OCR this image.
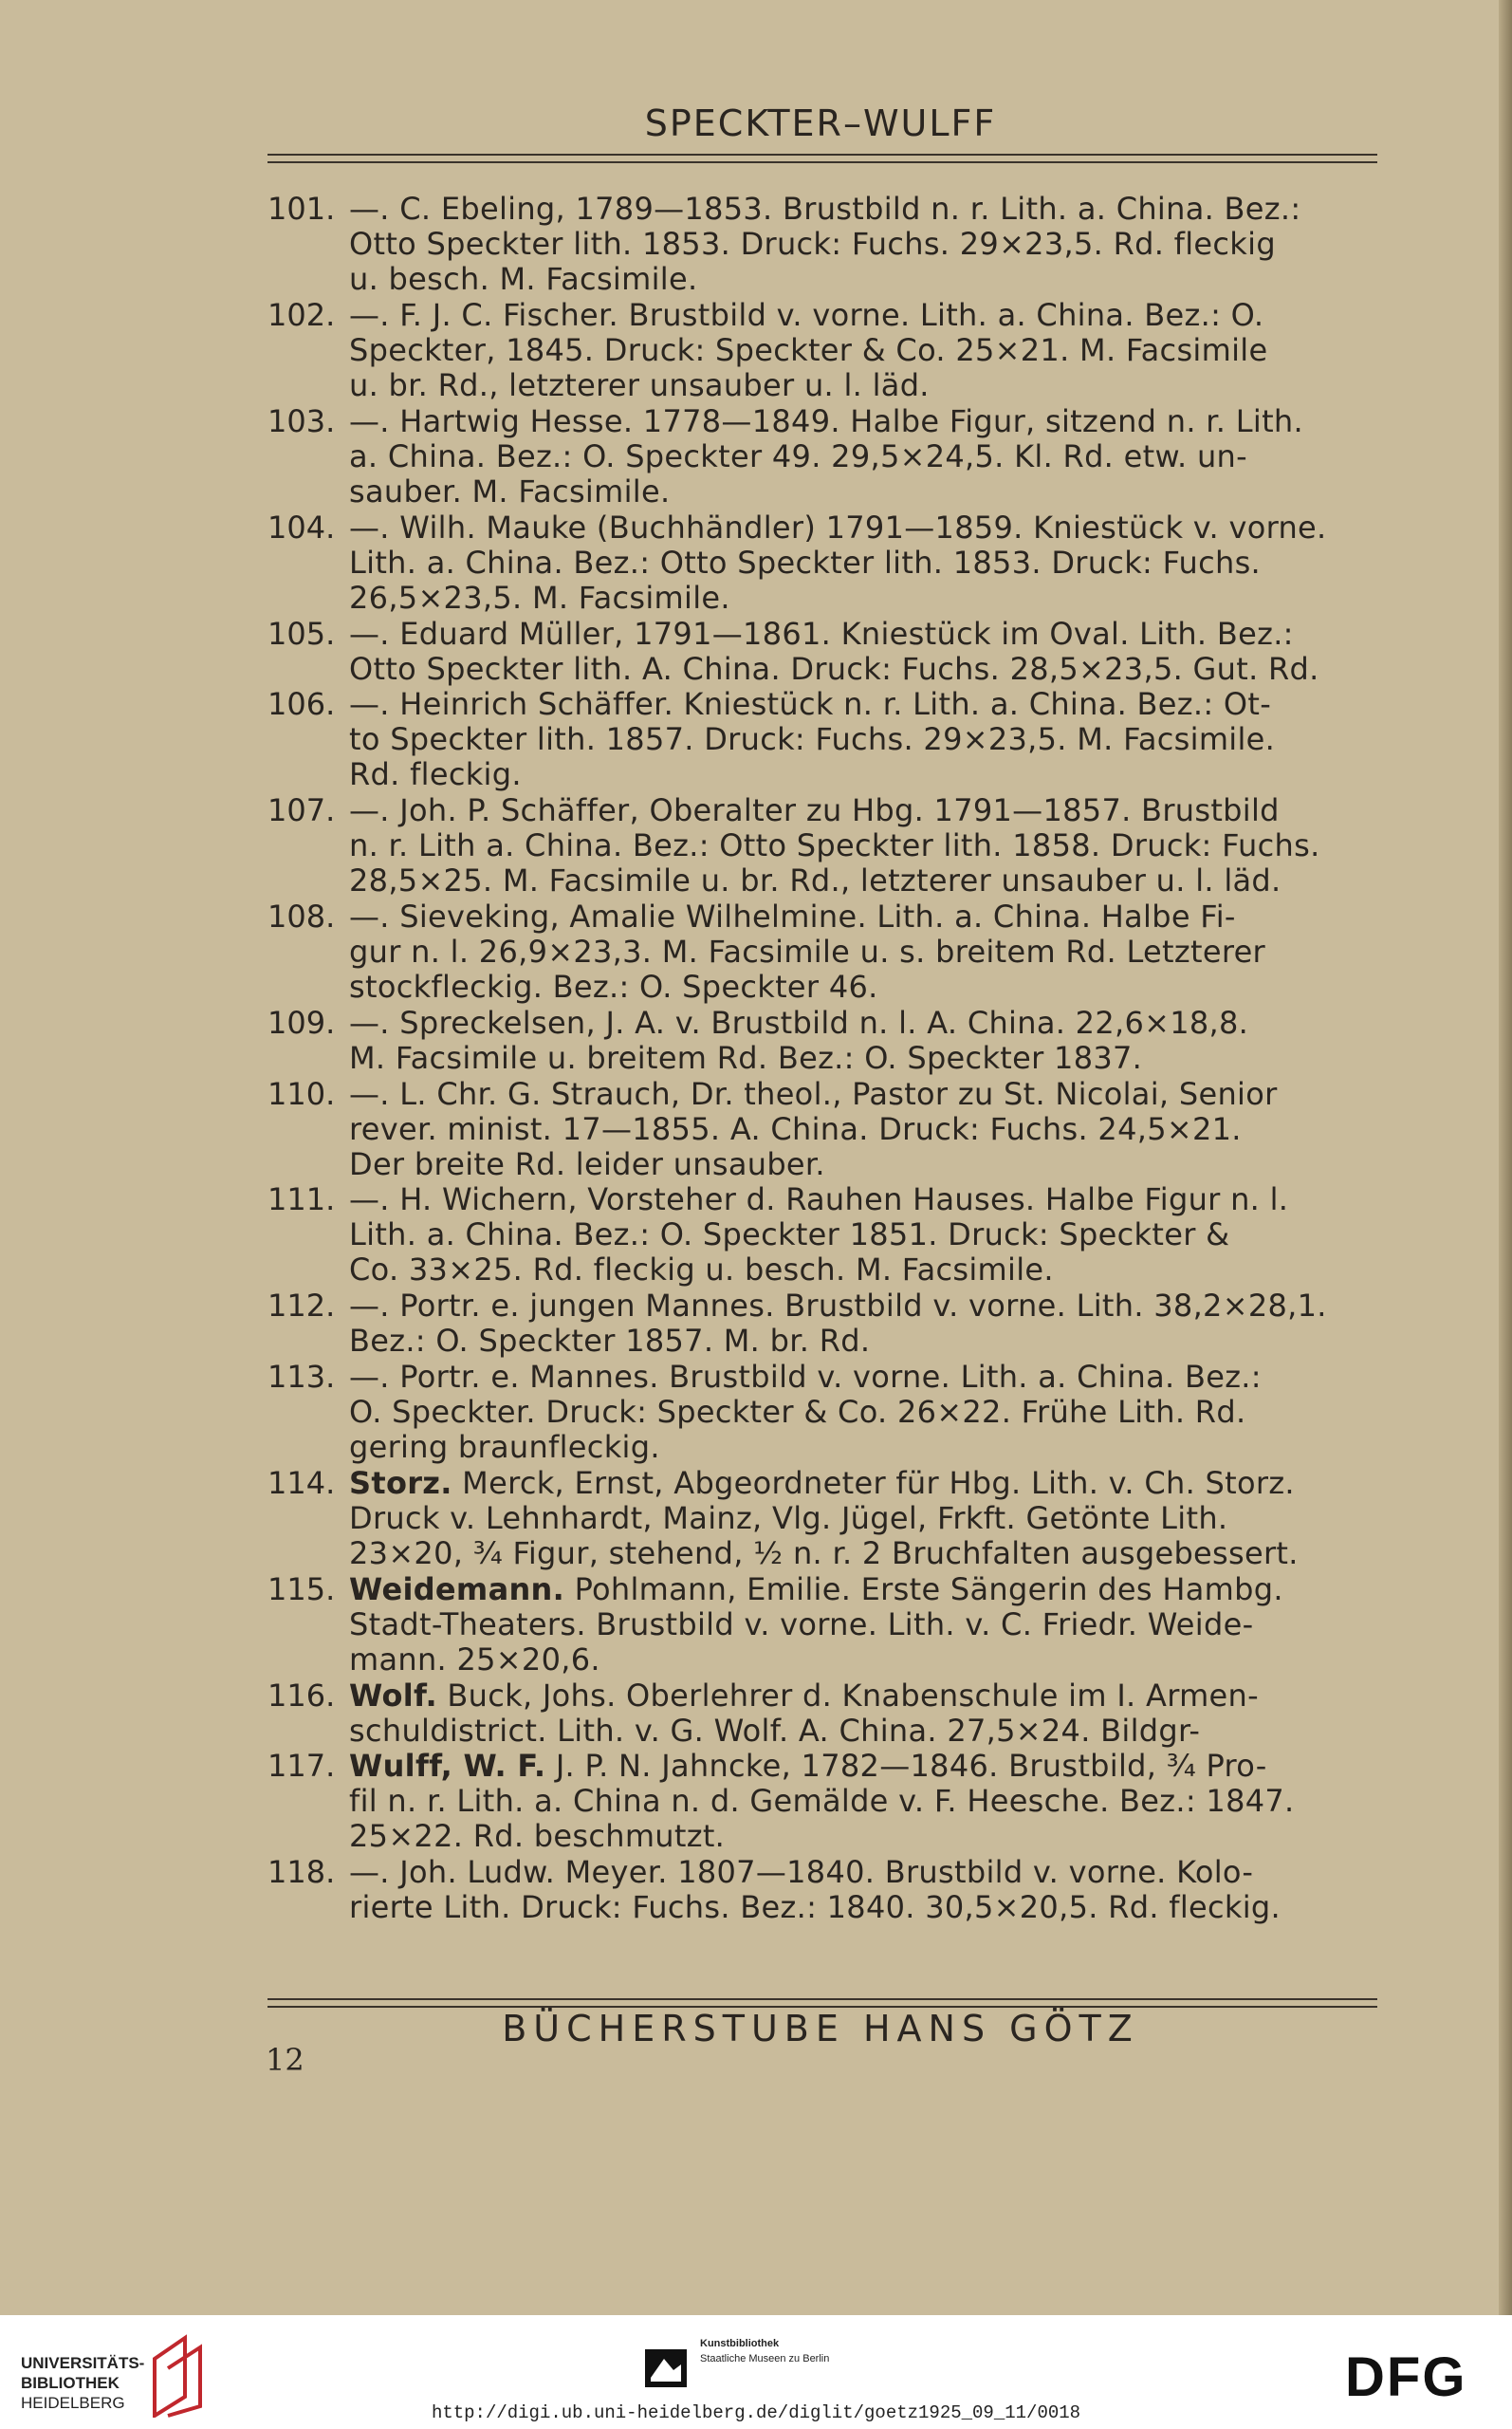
SPECKTER–WULFF
101. —. C. Ebeling, 1789—1853. Brustbild n. r. Lith. a. China. Bez.:
Otto Speckter lith. 1853. Druck: Fuchs. 29×23,5. Rd. fleckig
u. besch. M. Facsimile.
102. —. F. J. C. Fischer. Brustbild v. vorne. Lith. a. China. Bez.: O.
Speckter, 1845. Druck: Speckter & Co. 25×21. M. Facsimile
u. br. Rd., letzterer unsauber u. l. läd.
103. —. Hartwig Hesse. 1778—1849. Halbe Figur, sitzend n. r. Lith.
a. China. Bez.: O. Speckter 49. 29,5×24,5. Kl. Rd. etw. un-
sauber. M. Facsimile.
104. —. Wilh. Mauke (Buchhändler) 1791—1859. Kniestück v. vorne.
Lith. a. China. Bez.: Otto Speckter lith. 1853. Druck: Fuchs.
26,5×23,5. M. Facsimile.
105. —. Eduard Müller, 1791—1861. Kniestück im Oval. Lith. Bez.:
Otto Speckter lith. A. China. Druck: Fuchs. 28,5×23,5. Gut. Rd.
106. —. Heinrich Schäffer. Kniestück n. r. Lith. a. China. Bez.: Ot-
to Speckter lith. 1857. Druck: Fuchs. 29×23,5. M. Facsimile.
Rd. fleckig.
107. —. Joh. P. Schäffer, Oberalter zu Hbg. 1791—1857. Brustbild
n. r. Lith a. China. Bez.: Otto Speckter lith. 1858. Druck: Fuchs.
28,5×25. M. Facsimile u. br. Rd., letzterer unsauber u. l. läd.
108. —. Sieveking, Amalie Wilhelmine. Lith. a. China. Halbe Fi-
gur n. l. 26,9×23,3. M. Facsimile u. s. breitem Rd. Letzterer
stockfleckig. Bez.: O. Speckter 46.
109. —. Spreckelsen, J. A. v. Brustbild n. l. A. China. 22,6×18,8.
M. Facsimile u. breitem Rd. Bez.: O. Speckter 1837.
110. —. L. Chr. G. Strauch, Dr. theol., Pastor zu St. Nicolai, Senior
rever. minist. 17—1855. A. China. Druck: Fuchs. 24,5×21.
Der breite Rd. leider unsauber.
111. —. H. Wichern, Vorsteher d. Rauhen Hauses. Halbe Figur n. l.
Lith. a. China. Bez.: O. Speckter 1851. Druck: Speckter &
Co. 33×25. Rd. fleckig u. besch. M. Facsimile.
112. —. Portr. e. jungen Mannes. Brustbild v. vorne. Lith. 38,2×28,1.
Bez.: O. Speckter 1857. M. br. Rd.
113. —. Portr. e. Mannes. Brustbild v. vorne. Lith. a. China. Bez.:
O. Speckter. Druck: Speckter & Co. 26×22. Frühe Lith. Rd.
gering braunfleckig.
114. Storz. Merck, Ernst, Abgeordneter für Hbg. Lith. v. Ch. Storz.
Druck v. Lehnhardt, Mainz, Vlg. Jügel, Frkft. Getönte Lith.
23×20, ¾ Figur, stehend, ½ n. r. 2 Bruchfalten ausgebessert.
115. Weidemann. Pohlmann, Emilie. Erste Sängerin des Hambg.
Stadt-Theaters. Brustbild v. vorne. Lith. v. C. Friedr. Weide-
mann. 25×20,6.
116. Wolf. Buck, Johs. Oberlehrer d. Knabenschule im I. Armen-
schuldistrict. Lith. v. G. Wolf. A. China. 27,5×24. Bildgr-
117. Wulff, W. F. J. P. N. Jahncke, 1782—1846. Brustbild, ¾ Pro-
fil n. r. Lith. a. China n. d. Gemälde v. F. Heesche. Bez.: 1847.
25×22. Rd. beschmutzt.
118. —. Joh. Ludw. Meyer. 1807—1840. Brustbild v. vorne. Kolo-
rierte Lith. Druck: Fuchs. Bez.: 1840. 30,5×20,5. Rd. fleckig.
BÜCHERSTUBE HANS GÖTZ
12
UNIVERSITÄTS-
BIBLIOTHEK
HEIDELBERG
Kunstbibliothek
Staatliche Museen zu Berlin	DFG
http://digi.ub.uni-heidelberg.de/diglit/goetz1925_09_11/0018
